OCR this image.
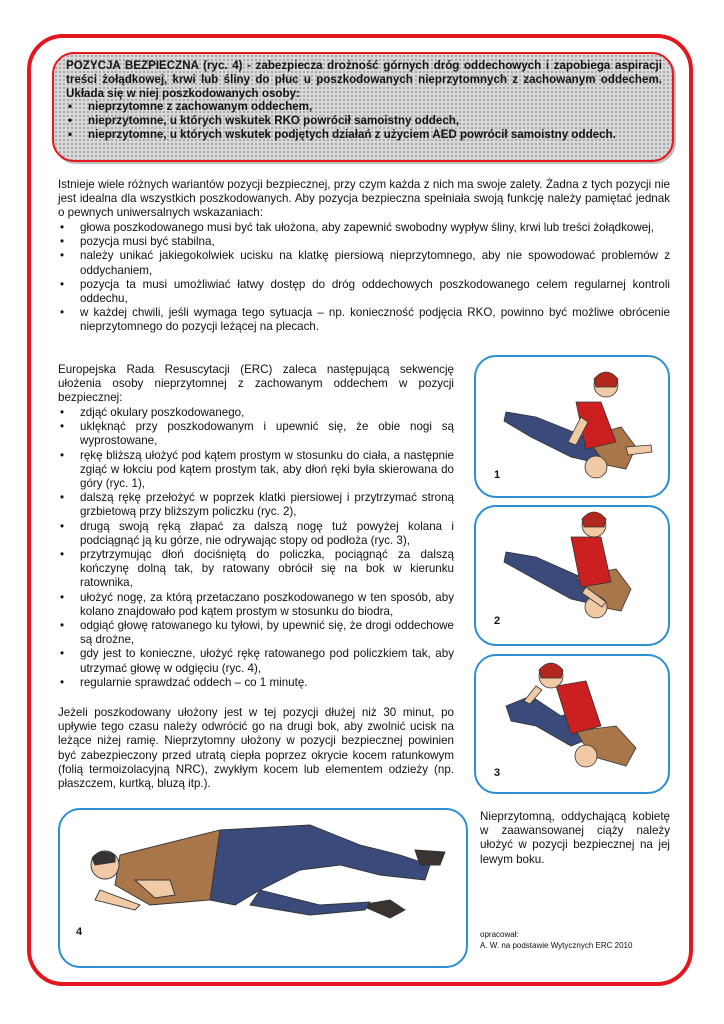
POZYCJA BEZPIECZNA (ryc. 4) - zabezpiecza drożność górnych dróg oddechowych i zapobiega aspiracji treści żołądkowej, krwi lub śliny do płuc u poszkodowanych nieprzytomnych z zachowanym oddechem. Układa się w niej poszkodowanych osoby:
• nieprzytomne z zachowanym oddechem,
• nieprzytomne, u których wskutek RKO powrócił samoistny oddech,
• nieprzytomne, u których wskutek podjętych działań z użyciem AED powrócił samoistny oddech.

Istnieje wiele różnych wariantów pozycji bezpiecznej, przy czym każda z nich ma swoje zalety. Żadna z tych pozycji nie jest idealna dla wszystkich poszkodowanych. Aby pozycja bezpieczna spełniała swoją funkcję należy pamiętać jednak o pewnych uniwersalnych wskazaniach:

• głowa poszkodowanego musi być tak ułożona, aby zapewnić swobodny wypływ śliny, krwi lub treści żołądkowej,
• pozycja musi być stabilna,
• należy unikać jakiegokolwiek ucisku na klatkę piersiową nieprzytomnego, aby nie spowodować problemów z oddychaniem,
• pozycja ta musi umożliwiać łatwy dostęp do dróg oddechowych poszkodowanego celem regularnej kontroli oddechu,
• w każdej chwili, jeśli wymaga tego sytuacja – np. konieczność podjęcia RKO, powinno być możliwe obrócenie nieprzytomnego do pozycji leżącej na plecach.

Europejska Rada Resuscytacji (ERC) zaleca następującą sekwencję ułożenia osoby nieprzytomnej z zachowanym oddechem w pozycji bezpiecznej:

• zdjąć okulary poszkodowanego,
• uklęknąć przy poszkodowanym i upewnić się, że obie nogi są wyprostowane,
• rękę bliższą ułożyć pod kątem prostym w stosunku do ciała, a następnie zgiąć w łokciu pod kątem prostym tak, aby dłoń ręki była skierowana do góry (ryc. 1),
• dalszą rękę przełożyć w poprzek klatki piersiowej i przytrzymać stroną grzbietową przy bliższym policzku (ryc. 2),
• drugą swoją ręką złapać za dalszą nogę tuż powyżej kolana i podciągnąć ją ku górze, nie odrywając stopy od podłoża (ryc. 3),
• przytrzymując dłoń dociśniętą do policzka, pociągnąć za dalszą kończynę dolną tak, by ratowany obrócił się na bok w kierunku ratownika,
• ułożyć nogę, za którą przetaczano poszkodowanego w ten sposób, aby kolano znajdowało pod kątem prostym w stosunku do biodra,
• odgiąć głowę ratowanego ku tyłowi, by upewnić się, że drogi oddechowe są drożne,
• gdy jest to konieczne, ułożyć rękę ratowanego pod policzkiem tak, aby utrzymać głowę w odgięciu (ryc. 4),
• regularnie sprawdzać oddech – co 1 minutę.

Jeżeli poszkodowany ułożony jest w tej pozycji dłużej niż 30 minut, po upływie tego czasu należy odwrócić go na drugi bok, aby zwolnić ucisk na leżące niżej ramię. Nieprzytomny ułożony w pozycji bezpiecznej powinien być zabezpieczony przed utratą ciepła poprzez okrycie kocem ratunkowym (folią termoizolacyjną NRC), zwykłym kocem lub elementem odzieży (np. płaszczem, kurtką, bluzą itp.).

1
2
3
4

Nieprzytomną, oddychającą kobietę w zaawansowanej ciąży należy ułożyć w pozycji bezpiecznej na jej lewym boku.

opracował:
A. W. na podstawie Wytycznych ERC 2010
